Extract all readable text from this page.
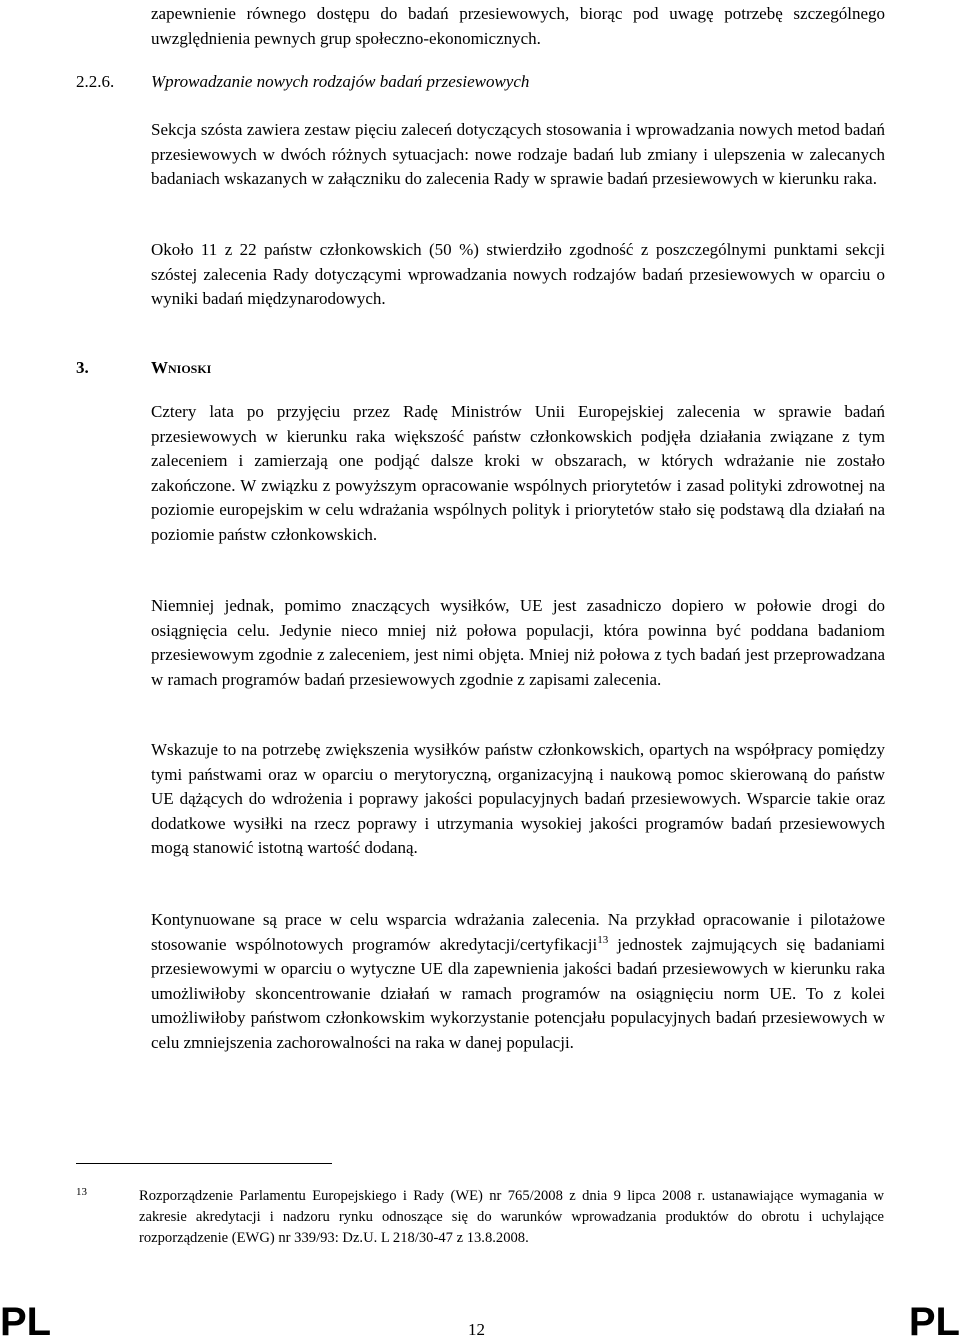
zapewnienie równego dostępu do badań przesiewowych, biorąc pod uwagę potrzebę szczególnego uwzględnienia pewnych grup społeczno-ekonomicznych.

2.2.6. Wprowadzanie nowych rodzajów badań przesiewowych

Sekcja szósta zawiera zestaw pięciu zaleceń dotyczących stosowania i wprowadzania nowych metod badań przesiewowych w dwóch różnych sytuacjach: nowe rodzaje badań lub zmiany i ulepszenia w zalecanych badaniach wskazanych w załączniku do zalecenia Rady w sprawie badań przesiewowych w kierunku raka.

Około 11 z 22 państw członkowskich (50 %) stwierdziło zgodność z poszczególnymi punktami sekcji szóstej zalecenia Rady dotyczącymi wprowadzania nowych rodzajów badań przesiewowych w oparciu o wyniki badań międzynarodowych.

3.	Wnioski

Cztery lata po przyjęciu przez Radę Ministrów Unii Europejskiej zalecenia w sprawie badań przesiewowych w kierunku raka większość państw członkowskich podjęła działania związane z tym zaleceniem i zamierzają one podjąć dalsze kroki w obszarach, w których wdrażanie nie zostało zakończone. W związku z powyższym opracowanie wspólnych priorytetów i zasad polityki zdrowotnej na poziomie europejskim w celu wdrażania wspólnych polityk i priorytetów stało się podstawą dla działań na poziomie państw członkowskich.

Niemniej jednak, pomimo znaczących wysiłków, UE jest zasadniczo dopiero w połowie drogi do osiągnięcia celu. Jedynie nieco mniej niż połowa populacji, która powinna być poddana badaniom przesiewowym zgodnie z zaleceniem, jest nimi objęta. Mniej niż połowa z tych badań jest przeprowadzana w ramach programów badań przesiewowych zgodnie z zapisami zalecenia.

Wskazuje to na potrzebę zwiększenia wysiłków państw członkowskich, opartych na współpracy pomiędzy tymi państwami oraz w oparciu o merytoryczną, organizacyjną i naukową pomoc skierowaną do państw UE dążących do wdrożenia i poprawy jakości populacyjnych badań przesiewowych. Wsparcie takie oraz dodatkowe wysiłki na rzecz poprawy i utrzymania wysokiej jakości programów badań przesiewowych mogą stanowić istotną wartość dodaną.

Kontynuowane są prace w celu wsparcia wdrażania zalecenia. Na przykład opracowanie i pilotażowe stosowanie wspólnotowych programów akredytacji/certyfikacji$^{13}$ jednostek zajmujących się badaniami przesiewowymi w oparciu o wytyczne UE dla zapewnienia jakości badań przesiewowych w kierunku raka umożliwiłoby skoncentrowanie działań w ramach programów na osiągnięciu norm UE. To z kolei umożliwiłoby państwom członkowskim wykorzystanie potencjału populacyjnych badań przesiewowych w celu zmniejszenia zachorowalności na raka w danej populacji.

13	Rozporządzenie Parlamentu Europejskiego i Rady (WE) nr 765/2008 z dnia 9 lipca 2008 r. ustanawiające wymagania w zakresie akredytacji i nadzoru rynku odnoszące się do warunków wprowadzania produktów do obrotu i uchylające rozporządzenie (EWG) nr 339/93: Dz.U. L 218/30-47 z 13.8.2008.

PL	12	PL
